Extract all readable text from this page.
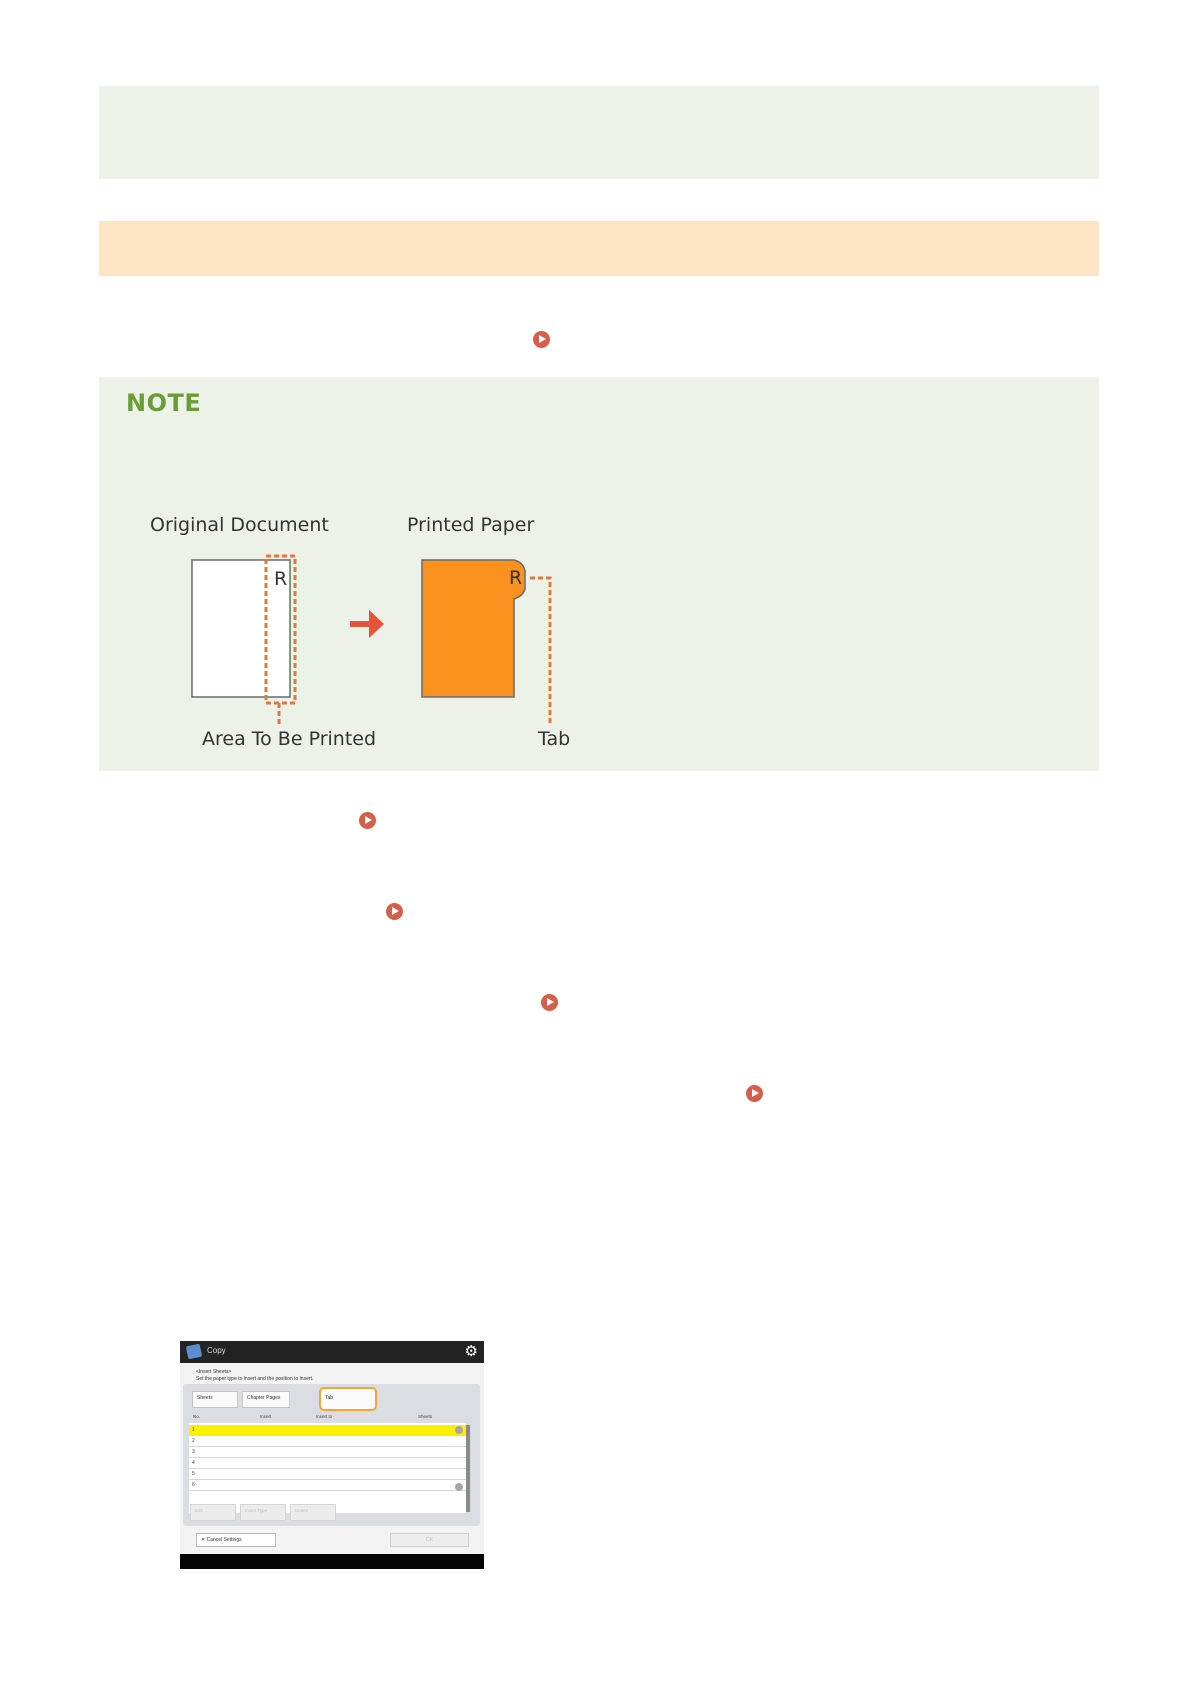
NOTE
Original Document	Printed Paper
R
Area To Be Printed
R
Tab
Copy	⚙
<Insert Sheets>
Set the paper type to insert and the position to insert.
Sheets	Chapter Pages	Tab
No.	Insert	Insert to	Sheets
1
2
3
4
5
6
Edit	Insert Type	Delete
✕ Cancel Settings	OK
